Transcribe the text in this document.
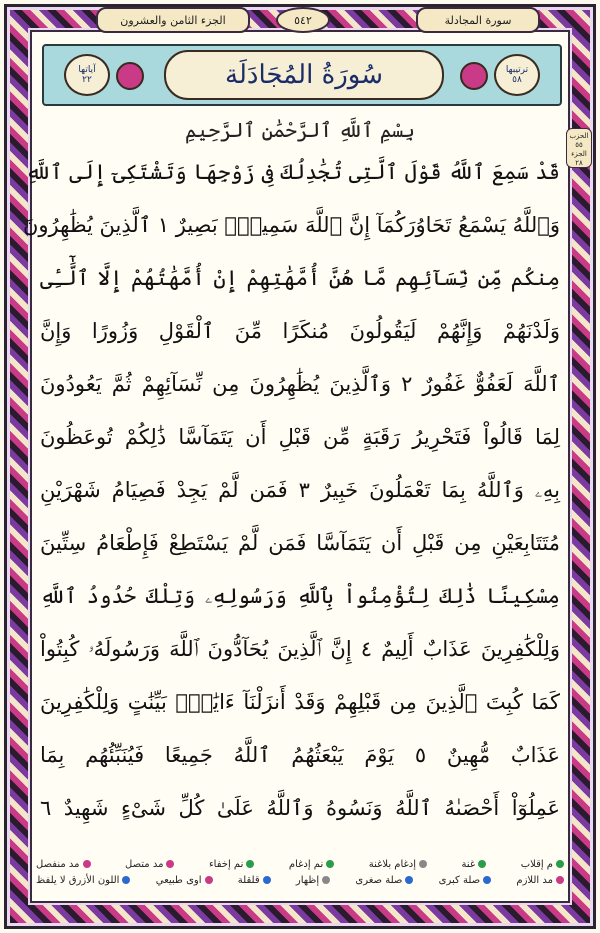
الجزء الثامن والعشرون	٥٤٢	سورة المجادلة
آياتها
٢٢	سُورَةُ المُجَادَلَة	ترتيبها
٥٨
الحزب ٥٥
الجزء ٢٨
بِسْمِ ٱللَّهِ ٱلرَّحْمَٰنِ ٱلرَّحِيمِ
قَدْ سَمِعَ ٱللَّهُ قَوْلَ ٱلَّتِى تُجَٰدِلُكَ فِى زَوْجِهَا وَتَشْتَكِىٓ إِلَى ٱللَّهِ
وَٱللَّهُ يَسْمَعُ تَحَاوُرَكُمَآ إِنَّ ٱللَّهَ سَمِيعٌۢ بَصِيرٌ ١ ٱلَّذِينَ يُظَٰهِرُونَ
مِنكُم مِّن نِّسَآئِهِم مَّا هُنَّ أُمَّهَٰتِهِمْ إِنْ أُمَّهَٰتُهُمْ إِلَّا ٱلَّٰٓـِٔى
وَلَدْنَهُمْ وَإِنَّهُمْ لَيَقُولُونَ مُنكَرًا مِّنَ ٱلْقَوْلِ وَزُورًا وَإِنَّ
ٱللَّهَ لَعَفُوٌّ غَفُورٌ ٢ وَٱلَّذِينَ يُظَٰهِرُونَ مِن نِّسَآئِهِمْ ثُمَّ يَعُودُونَ
لِمَا قَالُواْ فَتَحْرِيرُ رَقَبَةٍ مِّن قَبْلِ أَن يَتَمَآسَّا ذَٰلِكُمْ تُوعَظُونَ
بِهِۦ وَٱللَّهُ بِمَا تَعْمَلُونَ خَبِيرٌ ٣ فَمَن لَّمْ يَجِدْ فَصِيَامُ شَهْرَيْنِ
مُتَتَابِعَيْنِ مِن قَبْلِ أَن يَتَمَآسَّا فَمَن لَّمْ يَسْتَطِعْ فَإِطْعَامُ سِتِّينَ
مِسْكِينًا ذَٰلِكَ لِتُؤْمِنُواْ بِٱللَّهِ وَرَسُولِهِۦ وَتِلْكَ حُدُودُ ٱللَّهِ
وَلِلْكَٰفِرِينَ عَذَابٌ أَلِيمٌ ٤ إِنَّ ٱلَّذِينَ يُحَآدُّونَ ٱللَّهَ وَرَسُولَهُۥ كُبِتُواْ
كَمَا كُبِتَ ٱلَّذِينَ مِن قَبْلِهِمْ وَقَدْ أَنزَلْنَآ ءَايَٰتٍۭ بَيِّنَٰتٍ وَلِلْكَٰفِرِينَ
عَذَابٌ مُّهِينٌ ٥ يَوْمَ يَبْعَثُهُمُ ٱللَّهُ جَمِيعًا فَيُنَبِّئُهُم بِمَا
عَمِلُوٓاْ أَحْصَىٰهُ ٱللَّهُ وَنَسُوهُ وَٱللَّهُ عَلَىٰ كُلِّ شَىْءٍ شَهِيدٌ ٦
م إقلاب
غنة
إدغام بلاغنة
نم إدغام
نم إخفاء
مد متصل
مد منفصل
مد اللازم
صلة كبرى
صلة صغرى
إظهار
قلقلة
اوى طبيعي
اللون الأزرق لا يلفظ
